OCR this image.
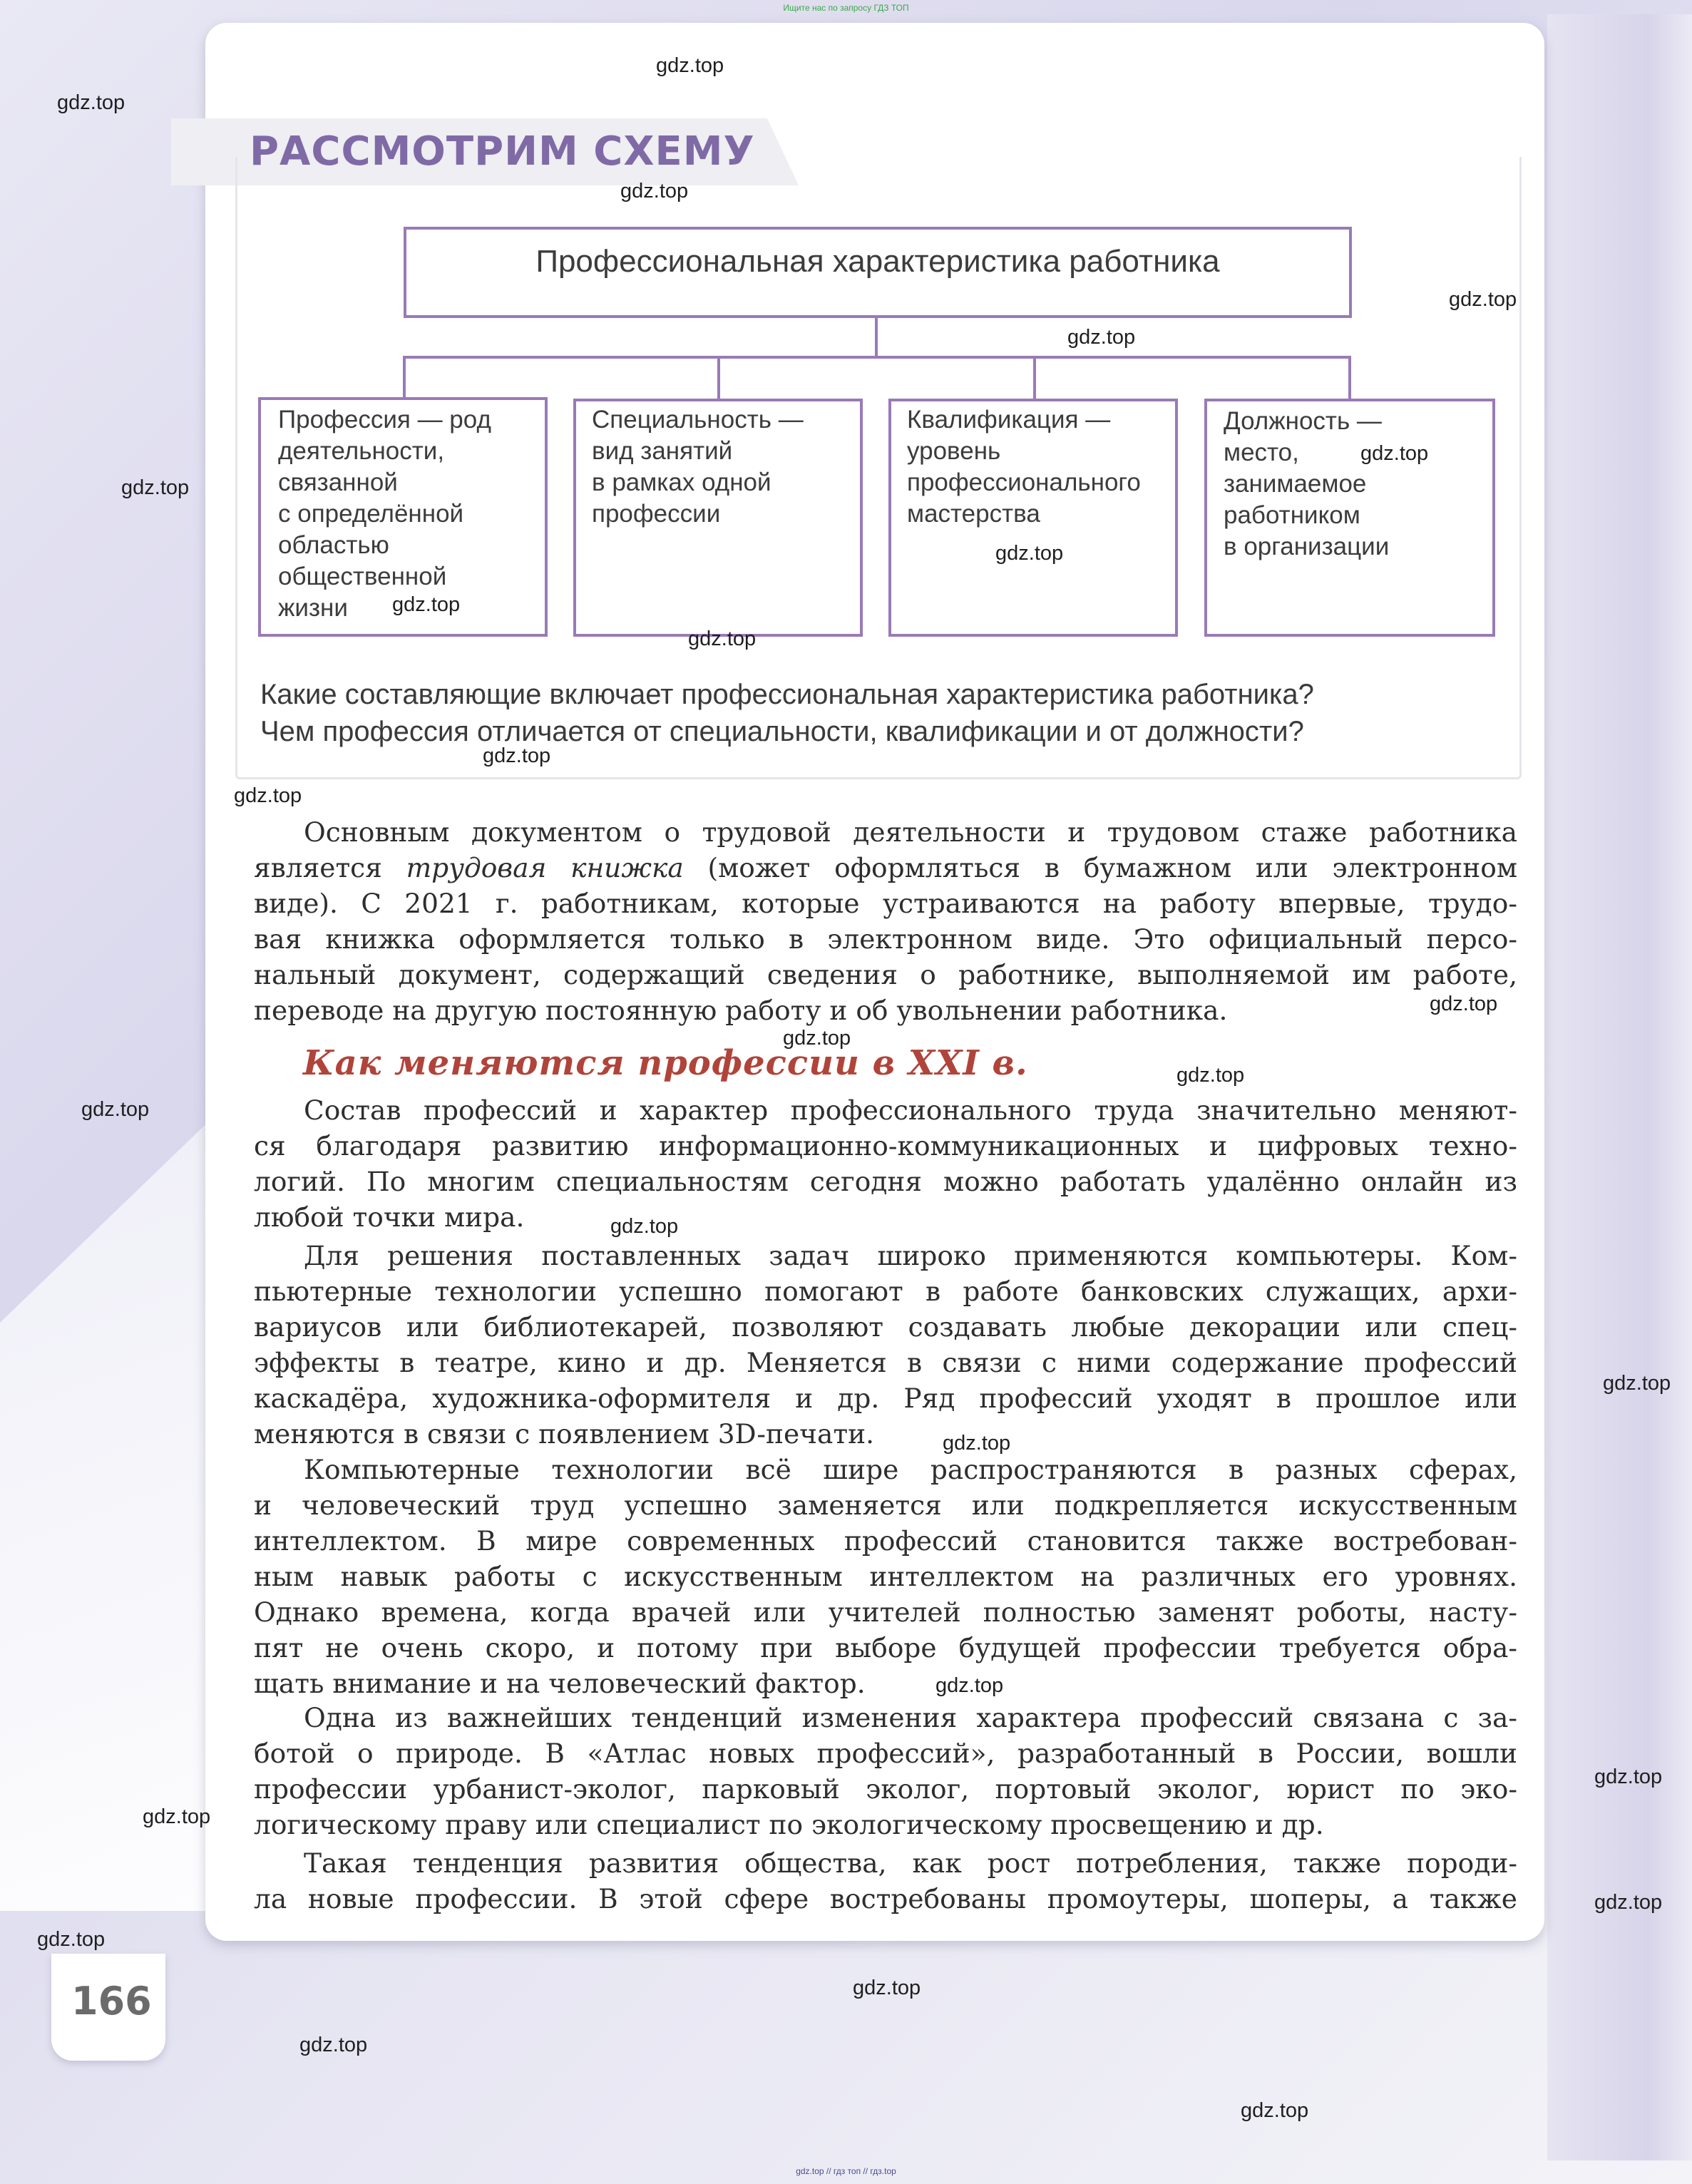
Ищите нас по запросу ГДЗ ТОП
РАССМОТРИМ СХЕМУ
Профессиональная характеристика работника
Профессия — род
деятельности,
связанной
с определённой
областью
общественной
жизни
Специальность —
вид занятий
в рамках одной
профессии
Квалификация —
уровень
профессионального
мастерства
Должность —
место,
занимаемое
работником
в организации
Какие составляющие включает профессиональная характеристика работника?
Чем профессия отличается от специальности, квалификации и от должности?
Основным документом о трудовой деятельности и трудовом стаже работника
является трудовая книжка (может оформляться в бумажном или электронном
виде). С 2021 г. работникам, которые устраиваются на работу впервые, трудо-
вая книжка оформляется только в электронном виде. Это официальный персо-
нальный документ, содержащий сведения о работнике, выполняемой им работе,
переводе на другую постоянную работу и об увольнении работника.
Как меняются профессии в XXI в.
Состав профессий и характер профессионального труда значительно меняют-
ся благодаря развитию информационно-коммуникационных и цифровых техно-
логий. По многим специальностям сегодня можно работать удалённо онлайн из
любой точки мира.
Для решения поставленных задач широко применяются компьютеры. Ком-
пьютерные технологии успешно помогают в работе банковских служащих, архи-
вариусов или библиотекарей, позволяют создавать любые декорации или спец-
эффекты в театре, кино и др. Меняется в связи с ними содержание профессий
каскадёра, художника-оформителя и др. Ряд профессий уходят в прошлое или
меняются в связи с появлением 3D-печати.
Компьютерные технологии всё шире распространяются в разных сферах,
и человеческий труд успешно заменяется или подкрепляется искусственным
интеллектом. В мире современных профессий становится также востребован-
ным навык работы с искусственным интеллектом на различных его уровнях.
Однако времена, когда врачей или учителей полностью заменят роботы, насту-
пят не очень скоро, и потому при выборе будущей профессии требуется обра-
щать внимание и на человеческий фактор.
Одна из важнейших тенденций изменения характера профессий связана с за-
ботой о природе. В «Атлас новых профессий», разработанный в России, вошли
профессии урбанист-эколог, парковый эколог, портовый эколог, юрист по эко-
логическому праву или специалист по экологическому просвещению и др.
Такая тенденция развития общества, как рост потребления, также породи-
ла новые профессии. В этой сфере востребованы промоутеры, шоперы, а также
166
gdz.top
gdz.top
gdz.top
gdz.top
gdz.top
gdz.top
gdz.top
gdz.top
gdz.top
gdz.top
gdz.top
gdz.top
gdz.top
gdz.top
gdz.top
gdz.top
gdz.top
gdz.top
gdz.top
gdz.top
gdz.top
gdz.top
gdz.top
gdz.top
gdz.top
gdz.top
gdz.top
gdz.top // гдз топ // гдз.top
